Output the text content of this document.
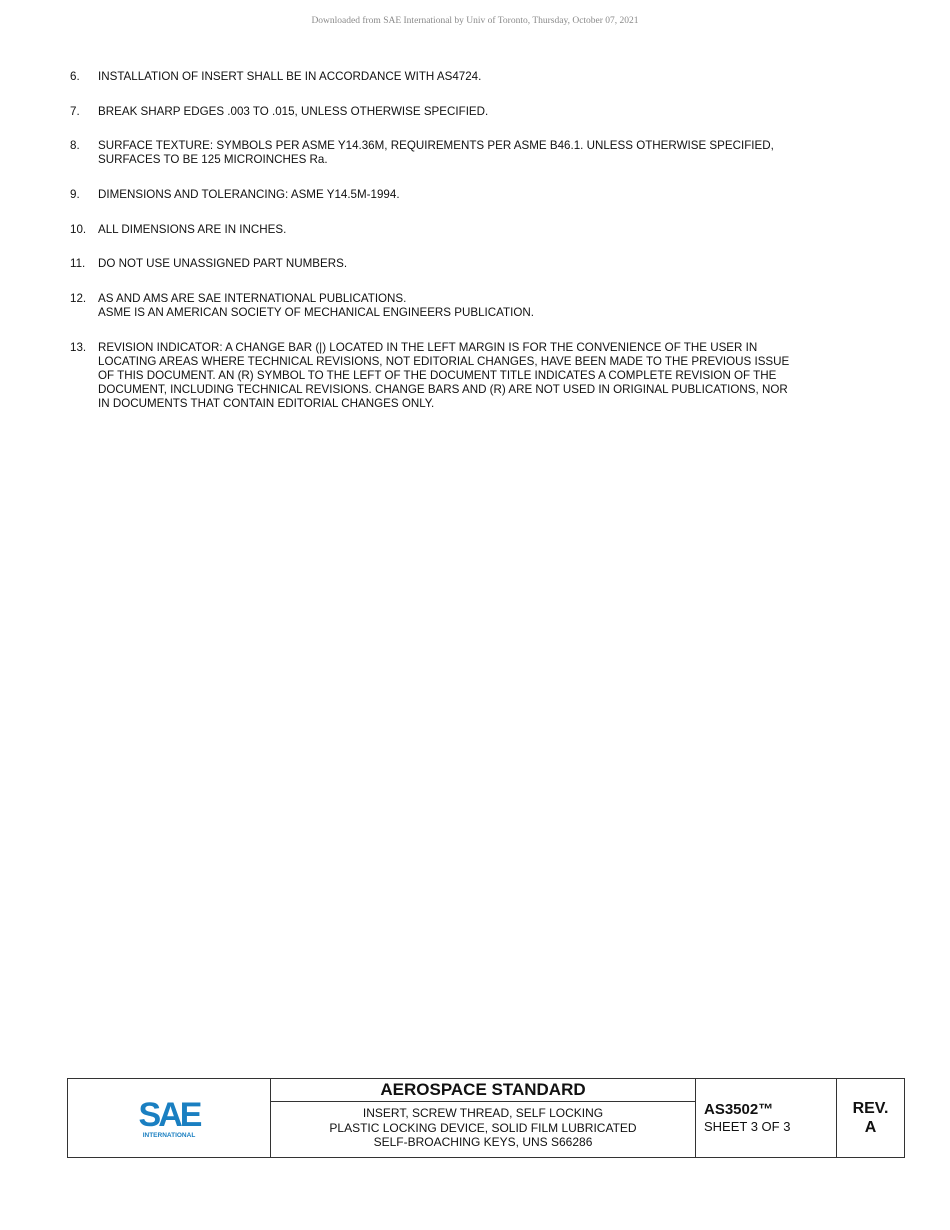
Downloaded from SAE International by Univ of Toronto, Thursday, October 07, 2021
6.	INSTALLATION OF INSERT SHALL BE IN ACCORDANCE WITH AS4724.
7.	BREAK SHARP EDGES .003 TO .015, UNLESS OTHERWISE SPECIFIED.
8.	SURFACE TEXTURE: SYMBOLS PER ASME Y14.36M, REQUIREMENTS PER ASME B46.1. UNLESS OTHERWISE SPECIFIED,
SURFACES TO BE 125 MICROINCHES Ra.
9.	DIMENSIONS AND TOLERANCING: ASME Y14.5M-1994.
10.	ALL DIMENSIONS ARE IN INCHES.
11.	DO NOT USE UNASSIGNED PART NUMBERS.
12.	AS AND AMS ARE SAE INTERNATIONAL PUBLICATIONS.
ASME IS AN AMERICAN SOCIETY OF MECHANICAL ENGINEERS PUBLICATION.
13.	REVISION INDICATOR: A CHANGE BAR (|) LOCATED IN THE LEFT MARGIN IS FOR THE CONVENIENCE OF THE USER IN
LOCATING AREAS WHERE TECHNICAL REVISIONS, NOT EDITORIAL CHANGES, HAVE BEEN MADE TO THE PREVIOUS ISSUE
OF THIS DOCUMENT. AN (R) SYMBOL TO THE LEFT OF THE DOCUMENT TITLE INDICATES A COMPLETE REVISION OF THE
DOCUMENT, INCLUDING TECHNICAL REVISIONS. CHANGE BARS AND (R) ARE NOT USED IN ORIGINAL PUBLICATIONS, NOR
IN DOCUMENTS THAT CONTAIN EDITORIAL CHANGES ONLY.
SAE
INTERNATIONAL
AEROSPACE STANDARD
INSERT, SCREW THREAD, SELF LOCKING
PLASTIC LOCKING DEVICE, SOLID FILM LUBRICATED
SELF-BROACHING KEYS, UNS S66286
AS3502™
SHEET 3 OF 3
REV.
A
